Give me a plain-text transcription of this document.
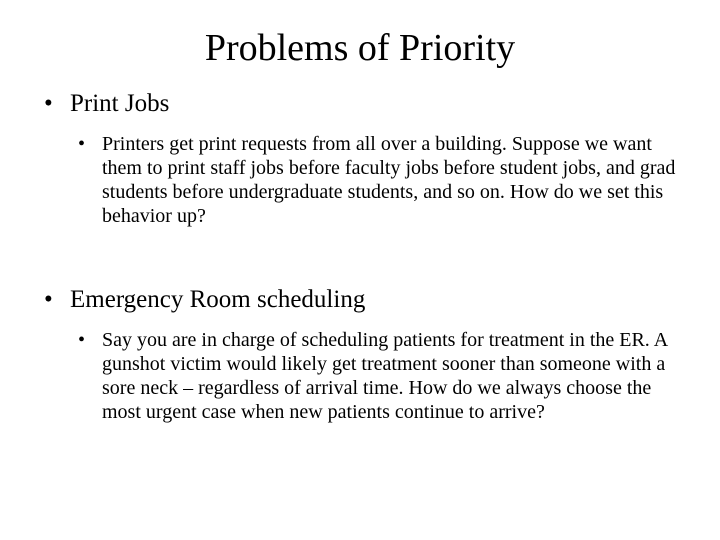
Problems of Priority
• Print Jobs
• Printers get print requests from all over a building. Suppose we want them to print staff jobs before faculty jobs before student jobs, and grad students before undergraduate students, and so on. How do we set this behavior up?
• Emergency Room scheduling
• Say you are in charge of scheduling patients for treatment in the ER. A gunshot victim would likely get treatment sooner than someone with a sore neck – regardless of arrival time. How do we always choose the most urgent case when new patients continue to arrive?
